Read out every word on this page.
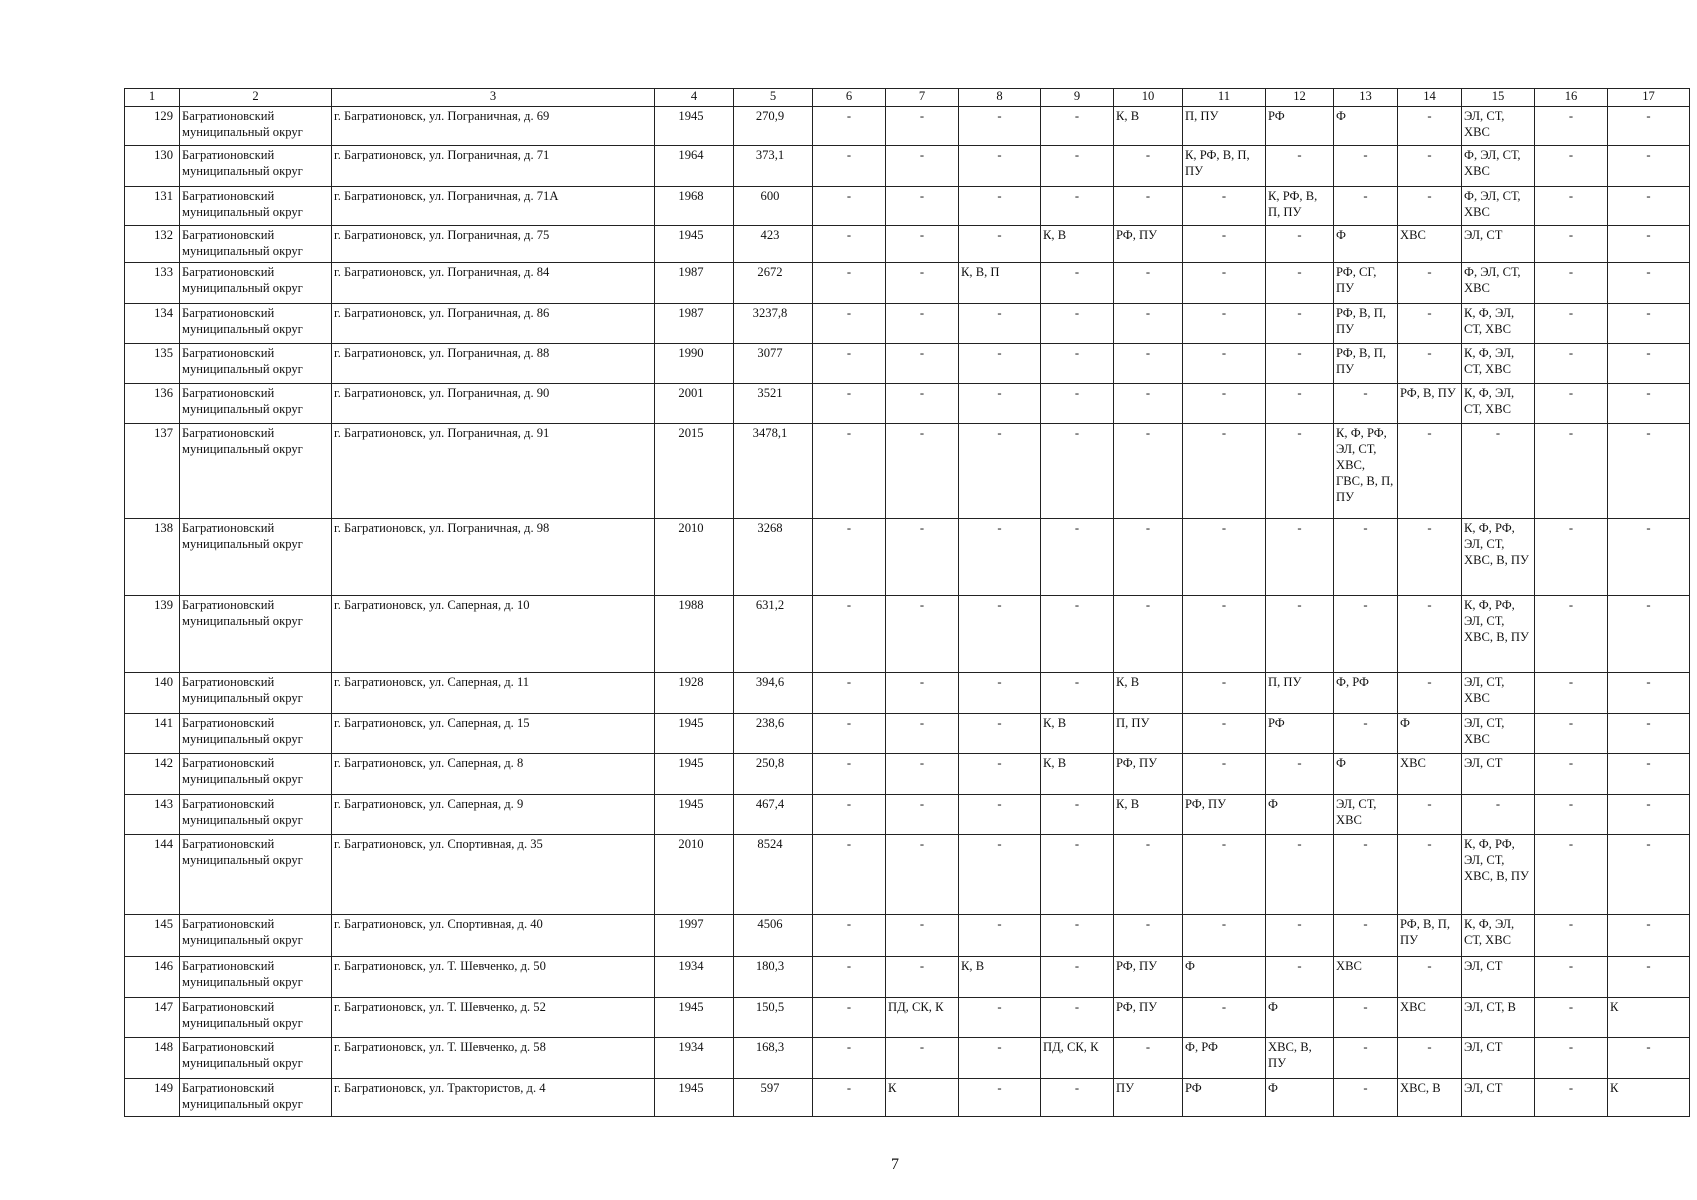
1	2	3	4	5	6	7	8	9	10	11	12	13	14	15	16	17
129	Багратионовский муниципальный округ	г. Багратионовск, ул. Пограничная, д. 69	1945	270,9	-	-	-	-	К, В	П, ПУ	РФ	Ф	-	ЭЛ, СТ, ХВС	-	-
130	Багратионовский муниципальный округ	г. Багратионовск, ул. Пограничная, д. 71	1964	373,1	-	-	-	-	-	К, РФ, В, П, ПУ	-	-	-	Ф, ЭЛ, СТ, ХВС	-	-
131	Багратионовский муниципальный округ	г. Багратионовск, ул. Пограничная, д. 71А	1968	600	-	-	-	-	-	-	К, РФ, В, П, ПУ	-	-	Ф, ЭЛ, СТ, ХВС	-	-
132	Багратионовский муниципальный округ	г. Багратионовск, ул. Пограничная, д. 75	1945	423	-	-	-	К, В	РФ, ПУ	-	-	Ф	ХВС	ЭЛ, СТ	-	-
133	Багратионовский муниципальный округ	г. Багратионовск, ул. Пограничная, д. 84	1987	2672	-	-	К, В, П	-	-	-	-	РФ, СГ, ПУ	-	Ф, ЭЛ, СТ, ХВС	-	-
134	Багратионовский муниципальный округ	г. Багратионовск, ул. Пограничная, д. 86	1987	3237,8	-	-	-	-	-	-	-	РФ, В, П, ПУ	-	К, Ф, ЭЛ, СТ, ХВС	-	-
135	Багратионовский муниципальный округ	г. Багратионовск, ул. Пограничная, д. 88	1990	3077	-	-	-	-	-	-	-	РФ, В, П, ПУ	-	К, Ф, ЭЛ, СТ, ХВС	-	-
136	Багратионовский муниципальный округ	г. Багратионовск, ул. Пограничная, д. 90	2001	3521	-	-	-	-	-	-	-	-	РФ, В, ПУ	К, Ф, ЭЛ, СТ, ХВС	-	-
137	Багратионовский муниципальный округ	г. Багратионовск, ул. Пограничная, д. 91	2015	3478,1	-	-	-	-	-	-	-	К, Ф, РФ, ЭЛ, СТ, ХВС, ГВС, В, П, ПУ	-	-	-	-
138	Багратионовский муниципальный округ	г. Багратионовск, ул. Пограничная, д. 98	2010	3268	-	-	-	-	-	-	-	-	-	К, Ф, РФ, ЭЛ, СТ, ХВС, В, ПУ	-	-
139	Багратионовский муниципальный округ	г. Багратионовск, ул. Саперная, д. 10	1988	631,2	-	-	-	-	-	-	-	-	-	К, Ф, РФ, ЭЛ, СТ, ХВС, В, ПУ	-	-
140	Багратионовский муниципальный округ	г. Багратионовск, ул. Саперная, д. 11	1928	394,6	-	-	-	-	К, В	-	П, ПУ	Ф, РФ	-	ЭЛ, СТ, ХВС	-	-
141	Багратионовский муниципальный округ	г. Багратионовск, ул. Саперная, д. 15	1945	238,6	-	-	-	К, В	П, ПУ	-	РФ	-	Ф	ЭЛ, СТ, ХВС	-	-
142	Багратионовский муниципальный округ	г. Багратионовск, ул. Саперная, д. 8	1945	250,8	-	-	-	К, В	РФ, ПУ	-	-	Ф	ХВС	ЭЛ, СТ	-	-
143	Багратионовский муниципальный округ	г. Багратионовск, ул. Саперная, д. 9	1945	467,4	-	-	-	-	К, В	РФ, ПУ	Ф	ЭЛ, СТ, ХВС	-	-	-	-
144	Багратионовский муниципальный округ	г. Багратионовск, ул. Спортивная, д. 35	2010	8524	-	-	-	-	-	-	-	-	-	К, Ф, РФ, ЭЛ, СТ, ХВС, В, ПУ	-	-
145	Багратионовский муниципальный округ	г. Багратионовск, ул. Спортивная, д. 40	1997	4506	-	-	-	-	-	-	-	-	РФ, В, П, ПУ	К, Ф, ЭЛ, СТ, ХВС	-	-
146	Багратионовский муниципальный округ	г. Багратионовск, ул. Т. Шевченко, д. 50	1934	180,3	-	-	К, В	-	РФ, ПУ	Ф	-	ХВС	-	ЭЛ, СТ	-	-
147	Багратионовский муниципальный округ	г. Багратионовск, ул. Т. Шевченко, д. 52	1945	150,5	-	ПД, СК, К	-	-	РФ, ПУ	-	Ф	-	ХВС	ЭЛ, СТ, В	-	К
148	Багратионовский муниципальный округ	г. Багратионовск, ул. Т. Шевченко, д. 58	1934	168,3	-	-	-	ПД, СК, К	-	Ф, РФ	ХВС, В, ПУ	-	-	ЭЛ, СТ	-	-
149	Багратионовский муниципальный округ	г. Багратионовск, ул. Трактористов, д. 4	1945	597	-	К	-	-	ПУ	РФ	Ф	-	ХВС, В	ЭЛ, СТ	-	К
7
